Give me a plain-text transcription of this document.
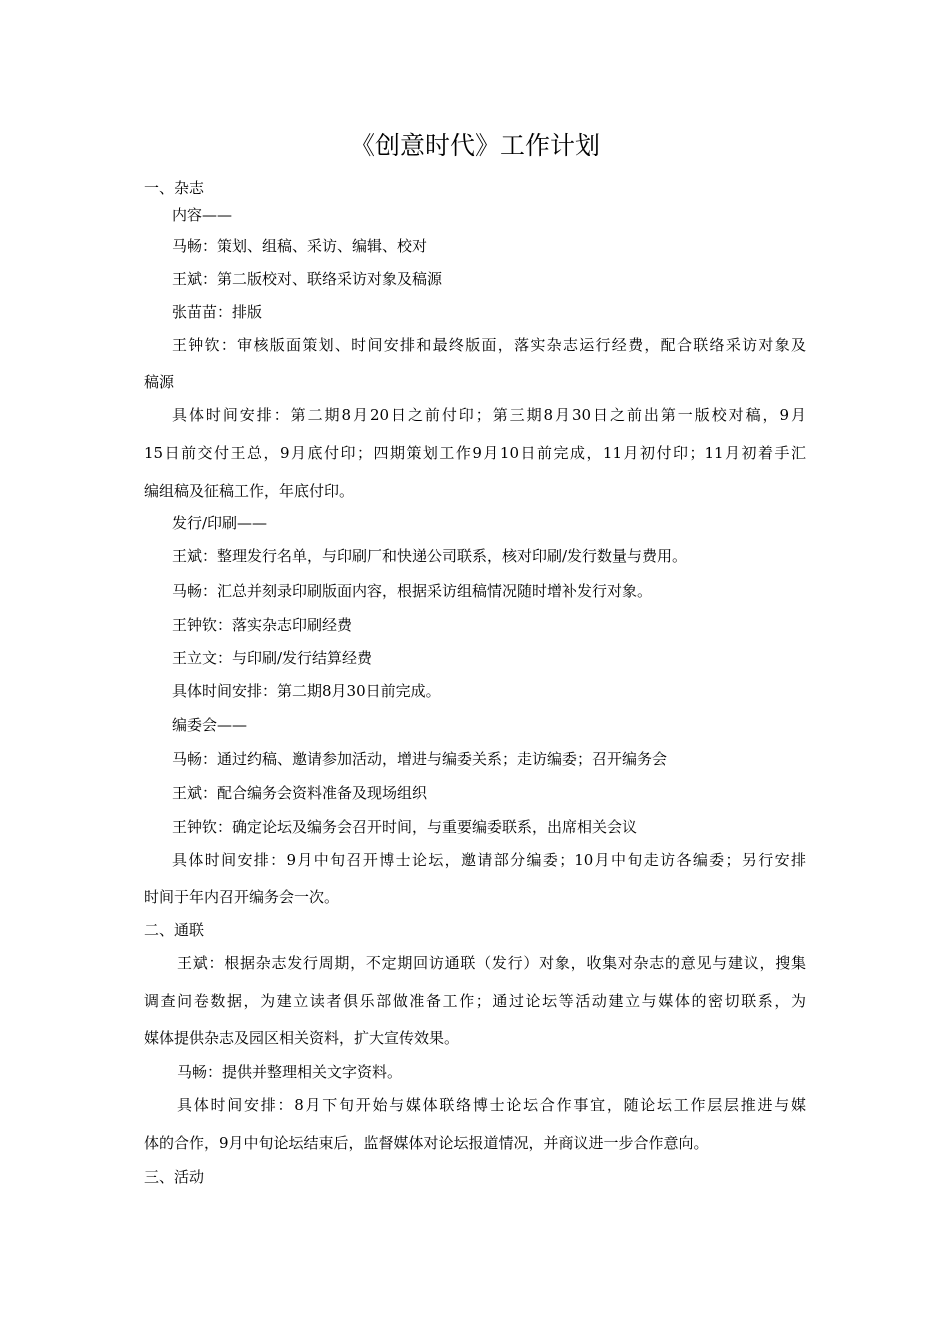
《创意时代》工作计划
一、杂志
内容——
马畅：策划、组稿、采访、编辑、校对
王斌：第二版校对、联络采访对象及稿源
张苗苗：排版
王钟钦：审核版面策划、时间安排和最终版面，落实杂志运行经费，配合联络采访对象及
稿源
具体时间安排：第二期8月20日之前付印；第三期8月30日之前出第一版校对稿，9月
15日前交付王总，9月底付印；四期策划工作9月10日前完成，11月初付印；11月初着手汇
编组稿及征稿工作，年底付印。
发行/印刷——
王斌：整理发行名单，与印刷厂和快递公司联系，核对印刷/发行数量与费用。
马畅：汇总并刻录印刷版面内容，根据采访组稿情况随时增补发行对象。
王钟钦：落实杂志印刷经费
王立文：与印刷/发行结算经费
具体时间安排：第二期8月30日前完成。
编委会——
马畅：通过约稿、邀请参加活动，增进与编委关系；走访编委；召开编务会
王斌：配合编务会资料准备及现场组织
王钟钦：确定论坛及编务会召开时间，与重要编委联系，出席相关会议
具体时间安排：9月中旬召开博士论坛，邀请部分编委；10月中旬走访各编委；另行安排
时间于年内召开编务会一次。
二、通联
王斌：根据杂志发行周期，不定期回访通联（发行）对象，收集对杂志的意见与建议，搜集
调查问卷数据，为建立读者俱乐部做准备工作；通过论坛等活动建立与媒体的密切联系，为
媒体提供杂志及园区相关资料，扩大宣传效果。
马畅：提供并整理相关文字资料。
具体时间安排：8月下旬开始与媒体联络博士论坛合作事宜，随论坛工作层层推进与媒
体的合作，9月中旬论坛结束后，监督媒体对论坛报道情况，并商议进一步合作意向。
三、活动
